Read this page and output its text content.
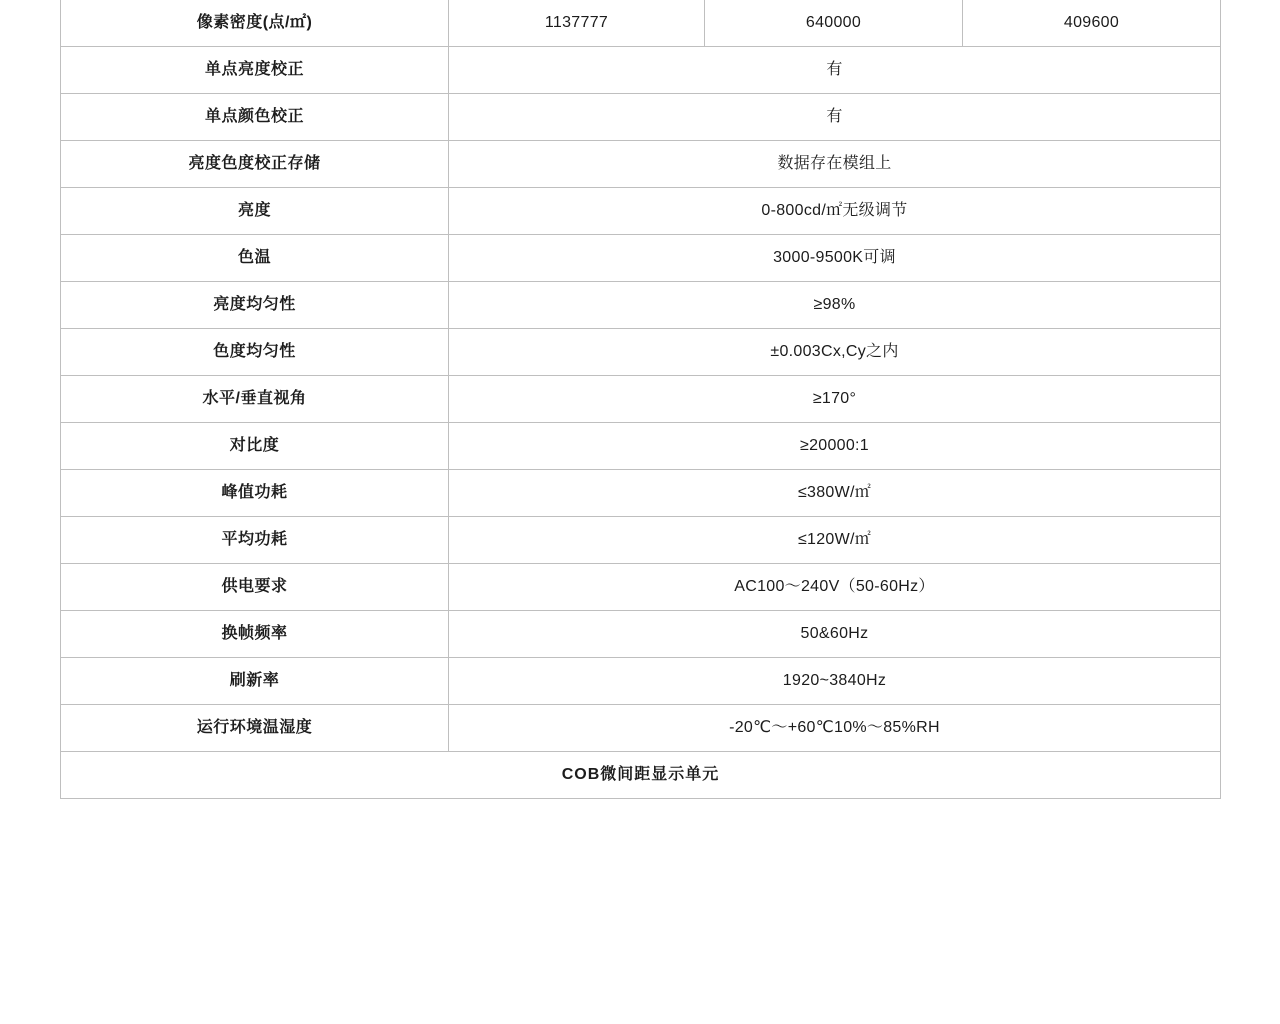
像素密度(点/㎡)	1137777	640000	409600
单点亮度校正	有		
单点颜色校正	有		
亮度色度校正存储	数据存在模组上		
亮度	0-800cd/㎡无级调节		
色温	3000-9500K可调		
亮度均匀性	≥98%		
色度均匀性	±0.003Cx,Cy之内		
水平/垂直视角	≥170°		
对比度	≥20000:1		
峰值功耗	≤380W/㎡		
平均功耗	≤120W/㎡		
供电要求	AC100～240V（50-60Hz）		
换帧频率	50&60Hz		
刷新率	1920~3840Hz		
运行环境温湿度	-20℃～+60℃10%～85%RH		
COB微间距显示单元			
